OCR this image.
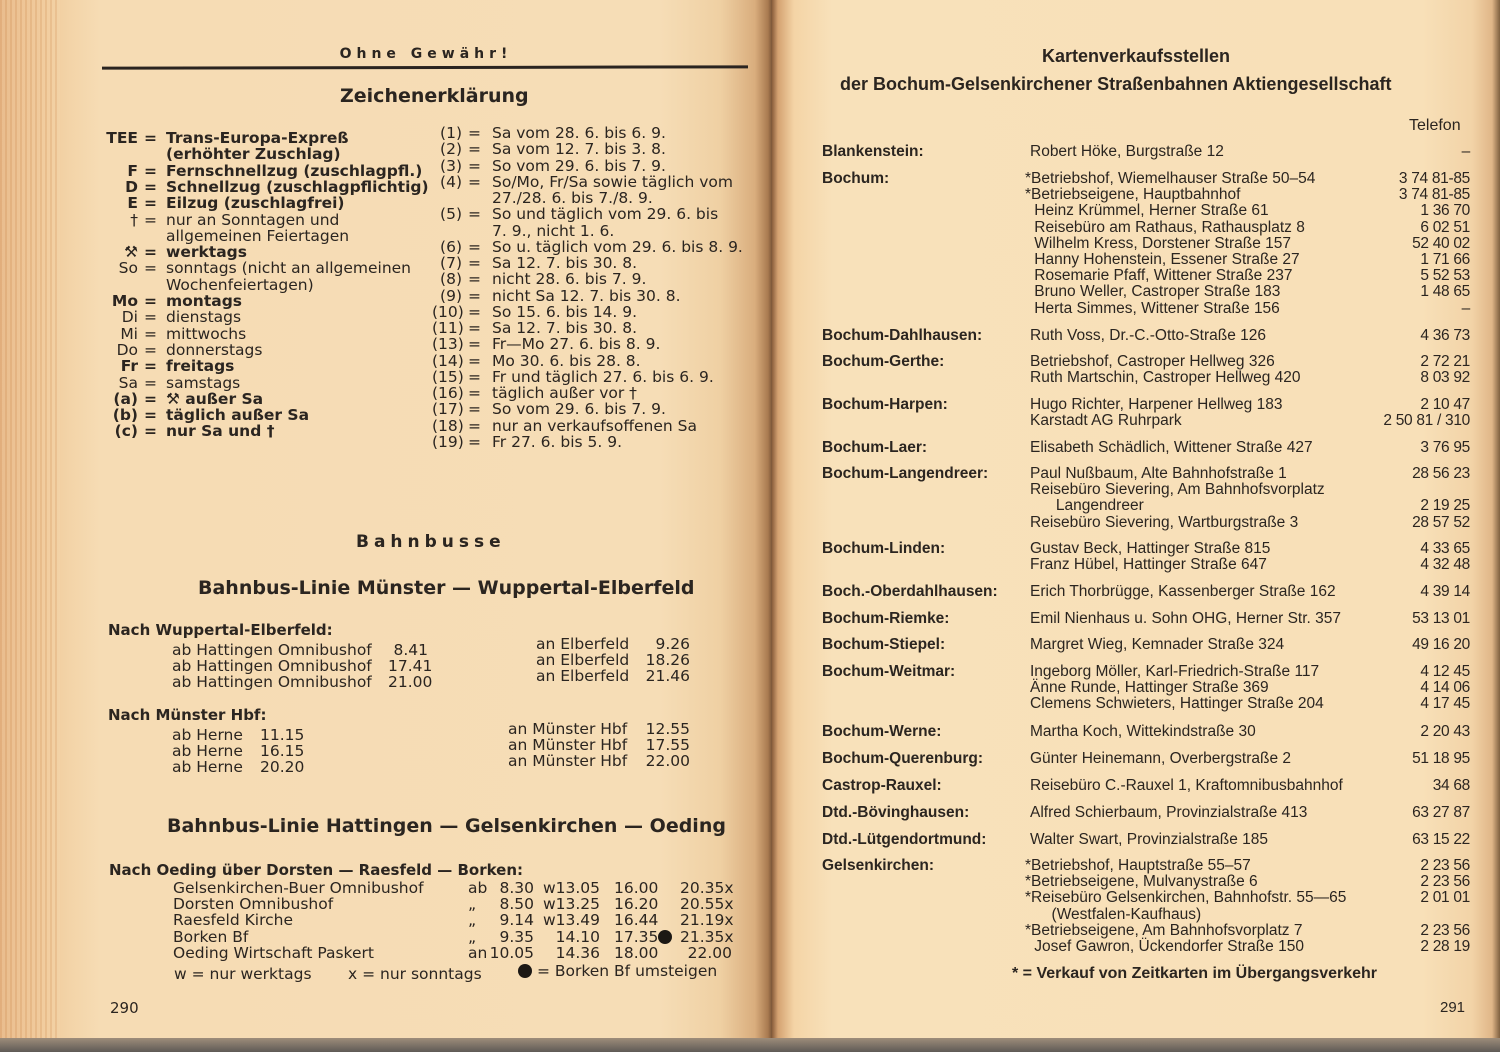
Ohne Gewähr!
Zeichenerklärung
TEE = Trans-Europa-Expreß
(erhöhter Zuschlag)
F = Fernschnellzug (zuschlagpfl.)
D = Schnellzug (zuschlagpflichtig)
E = Eilzug (zuschlagfrei)
† = nur an Sonntagen und
allgemeinen Feiertagen
⚒ = werktags
So = sonntags (nicht an allgemeinen
Wochenfeiertagen)
Mo = montags
Di = dienstags
Mi = mittwochs
Do = donnerstags
Fr = freitags
Sa = samstags
(a) = ⚒ außer Sa
(b) = täglich außer Sa
(c) = nur Sa und †
(1) = Sa vom 28. 6. bis 6. 9.
(2) = Sa vom 12. 7. bis 3. 8.
(3) = So vom 29. 6. bis 7. 9.
(4) = So/Mo, Fr/Sa sowie täglich vom
27./28. 6. bis 7./8. 9.
(5) = So und täglich vom 29. 6. bis
7. 9., nicht 1. 6.
(6) = So u. täglich vom 29. 6. bis 8. 9.
(7) = Sa 12. 7. bis 30. 8.
(8) = nicht 28. 6. bis 7. 9.
(9) = nicht Sa 12. 7. bis 30. 8.
(10) = So 15. 6. bis 14. 9.
(11) = Sa 12. 7. bis 30. 8.
(13) = Fr—Mo 27. 6. bis 8. 9.
(14) = Mo 30. 6. bis 28. 8.
(15) = Fr und täglich 27. 6. bis 6. 9.
(16) = täglich außer vor †
(17) = So vom 29. 6. bis 7. 9.
(18) = nur an verkaufsoffenen Sa
(19) = Fr 27. 6. bis 5. 9.
Bahnbusse
Bahnbus-Linie Münster — Wuppertal-Elberfeld
Nach Wuppertal-Elberfeld:
ab Hattingen Omnibushof	8.41	an Elberfeld	9.26
ab Hattingen Omnibushof 17.41	an Elberfeld	18.26
ab Hattingen Omnibushof 21.00	an Elberfeld	21.46
Nach Münster Hbf:
ab Herne 11.15	an Münster Hbf	12.55
ab Herne 16.15	an Münster Hbf	17.55
ab Herne 20.20	an Münster Hbf	22.00
Bahnbus-Linie Hattingen — Gelsenkirchen — Oeding
Nach Oeding über Dorsten — Raesfeld — Borken:
Gelsenkirchen-Buer Omnibushof	ab 8.30 w13.05 16.00 20.35x
Dorsten Omnibushof	„	8.50 w13.25 16.20 20.55x
Raesfeld Kirche	„	9.14 w13.49 16.44 21.19x
Borken Bf	„	9.35	14.10 17.35 21.35x
Oeding Wirtschaft Paskert	an 10.05	14.36 18.00	22.00
w = nur werktags x = nur sonntags	= Borken Bf umsteigen
290
Kartenverkaufsstellen
der Bochum-Gelsenkirchener Straßenbahnen Aktiengesellschaft
Telefon
Blankenstein:	Robert Höke, Burgstraße 12	–
Bochum:	*Betriebshof, Wiemelhauser Straße 50–54	3 74 81-85
*Betriebseigene, Hauptbahnhof	3 74 81-85
Heinz Krümmel, Herner Straße 61	1 36 70
Reisebüro am Rathaus, Rathausplatz 8	6 02 51
Wilhelm Kress, Dorstener Straße 157	52 40 02
Hanny Hohenstein, Essener Straße 27	1 71 66
Rosemarie Pfaff, Wittener Straße 237	5 52 53
Bruno Weller, Castroper Straße 183	1 48 65
Herta Simmes, Wittener Straße 156	–
Bochum-Dahlhausen:	Ruth Voss, Dr.-C.-Otto-Straße 126	4 36 73
Bochum-Gerthe:	Betriebshof, Castroper Hellweg 326	2 72 21
Ruth Martschin, Castroper Hellweg 420	8 03 92
Bochum-Harpen:	Hugo Richter, Harpener Hellweg 183	2 10 47
Karstadt AG Ruhrpark	2 50 81 / 310
Bochum-Laer:	Elisabeth Schädlich, Wittener Straße 427	3 76 95
Bochum-Langendreer:	Paul Nußbaum, Alte Bahnhofstraße 1	28 56 23
Reisebüro Sievering, Am Bahnhofsvorplatz
Langendreer	2 19 25
Reisebüro Sievering, Wartburgstraße 3	28 57 52
Bochum-Linden:	Gustav Beck, Hattinger Straße 815	4 33 65
Franz Hübel, Hattinger Straße 647	4 32 48
Boch.-Oberdahlhausen: Erich Thorbrügge, Kassenberger Straße 162	4 39 14
Bochum-Riemke:	Emil Nienhaus u. Sohn OHG, Herner Str. 357	53 13 01
Bochum-Stiepel:	Margret Wieg, Kemnader Straße 324	49 16 20
Bochum-Weitmar:	Ingeborg Möller, Karl-Friedrich-Straße 117	4 12 45
Änne Runde, Hattinger Straße 369	4 14 06
Clemens Schwieters, Hattinger Straße 204	4 17 45
Bochum-Werne:	Martha Koch, Wittekindstraße 30	2 20 43
Bochum-Querenburg:	Günter Heinemann, Overbergstraße 2	51 18 95
Castrop-Rauxel:	Reisebüro C.-Rauxel 1, Kraftomnibusbahnhof	34 68
Dtd.-Bövinghausen:	Alfred Schierbaum, Provinzialstraße 413	63 27 87
Dtd.-Lütgendortmund:	Walter Swart, Provinzialstraße 185	63 15 22
Gelsenkirchen:	*Betriebshof, Hauptstraße 55–57	2 23 56
*Betriebseigene, Mulvanystraße 6	2 23 56
*Reisebüro Gelsenkirchen, Bahnhofstr. 55—65	2 01 01
(Westfalen-Kaufhaus)
*Betriebseigene, Am Bahnhofsvorplatz 7	2 23 56
Josef Gawron, Ückendorfer Straße 150	2 28 19
* = Verkauf von Zeitkarten im Übergangsverkehr
291
